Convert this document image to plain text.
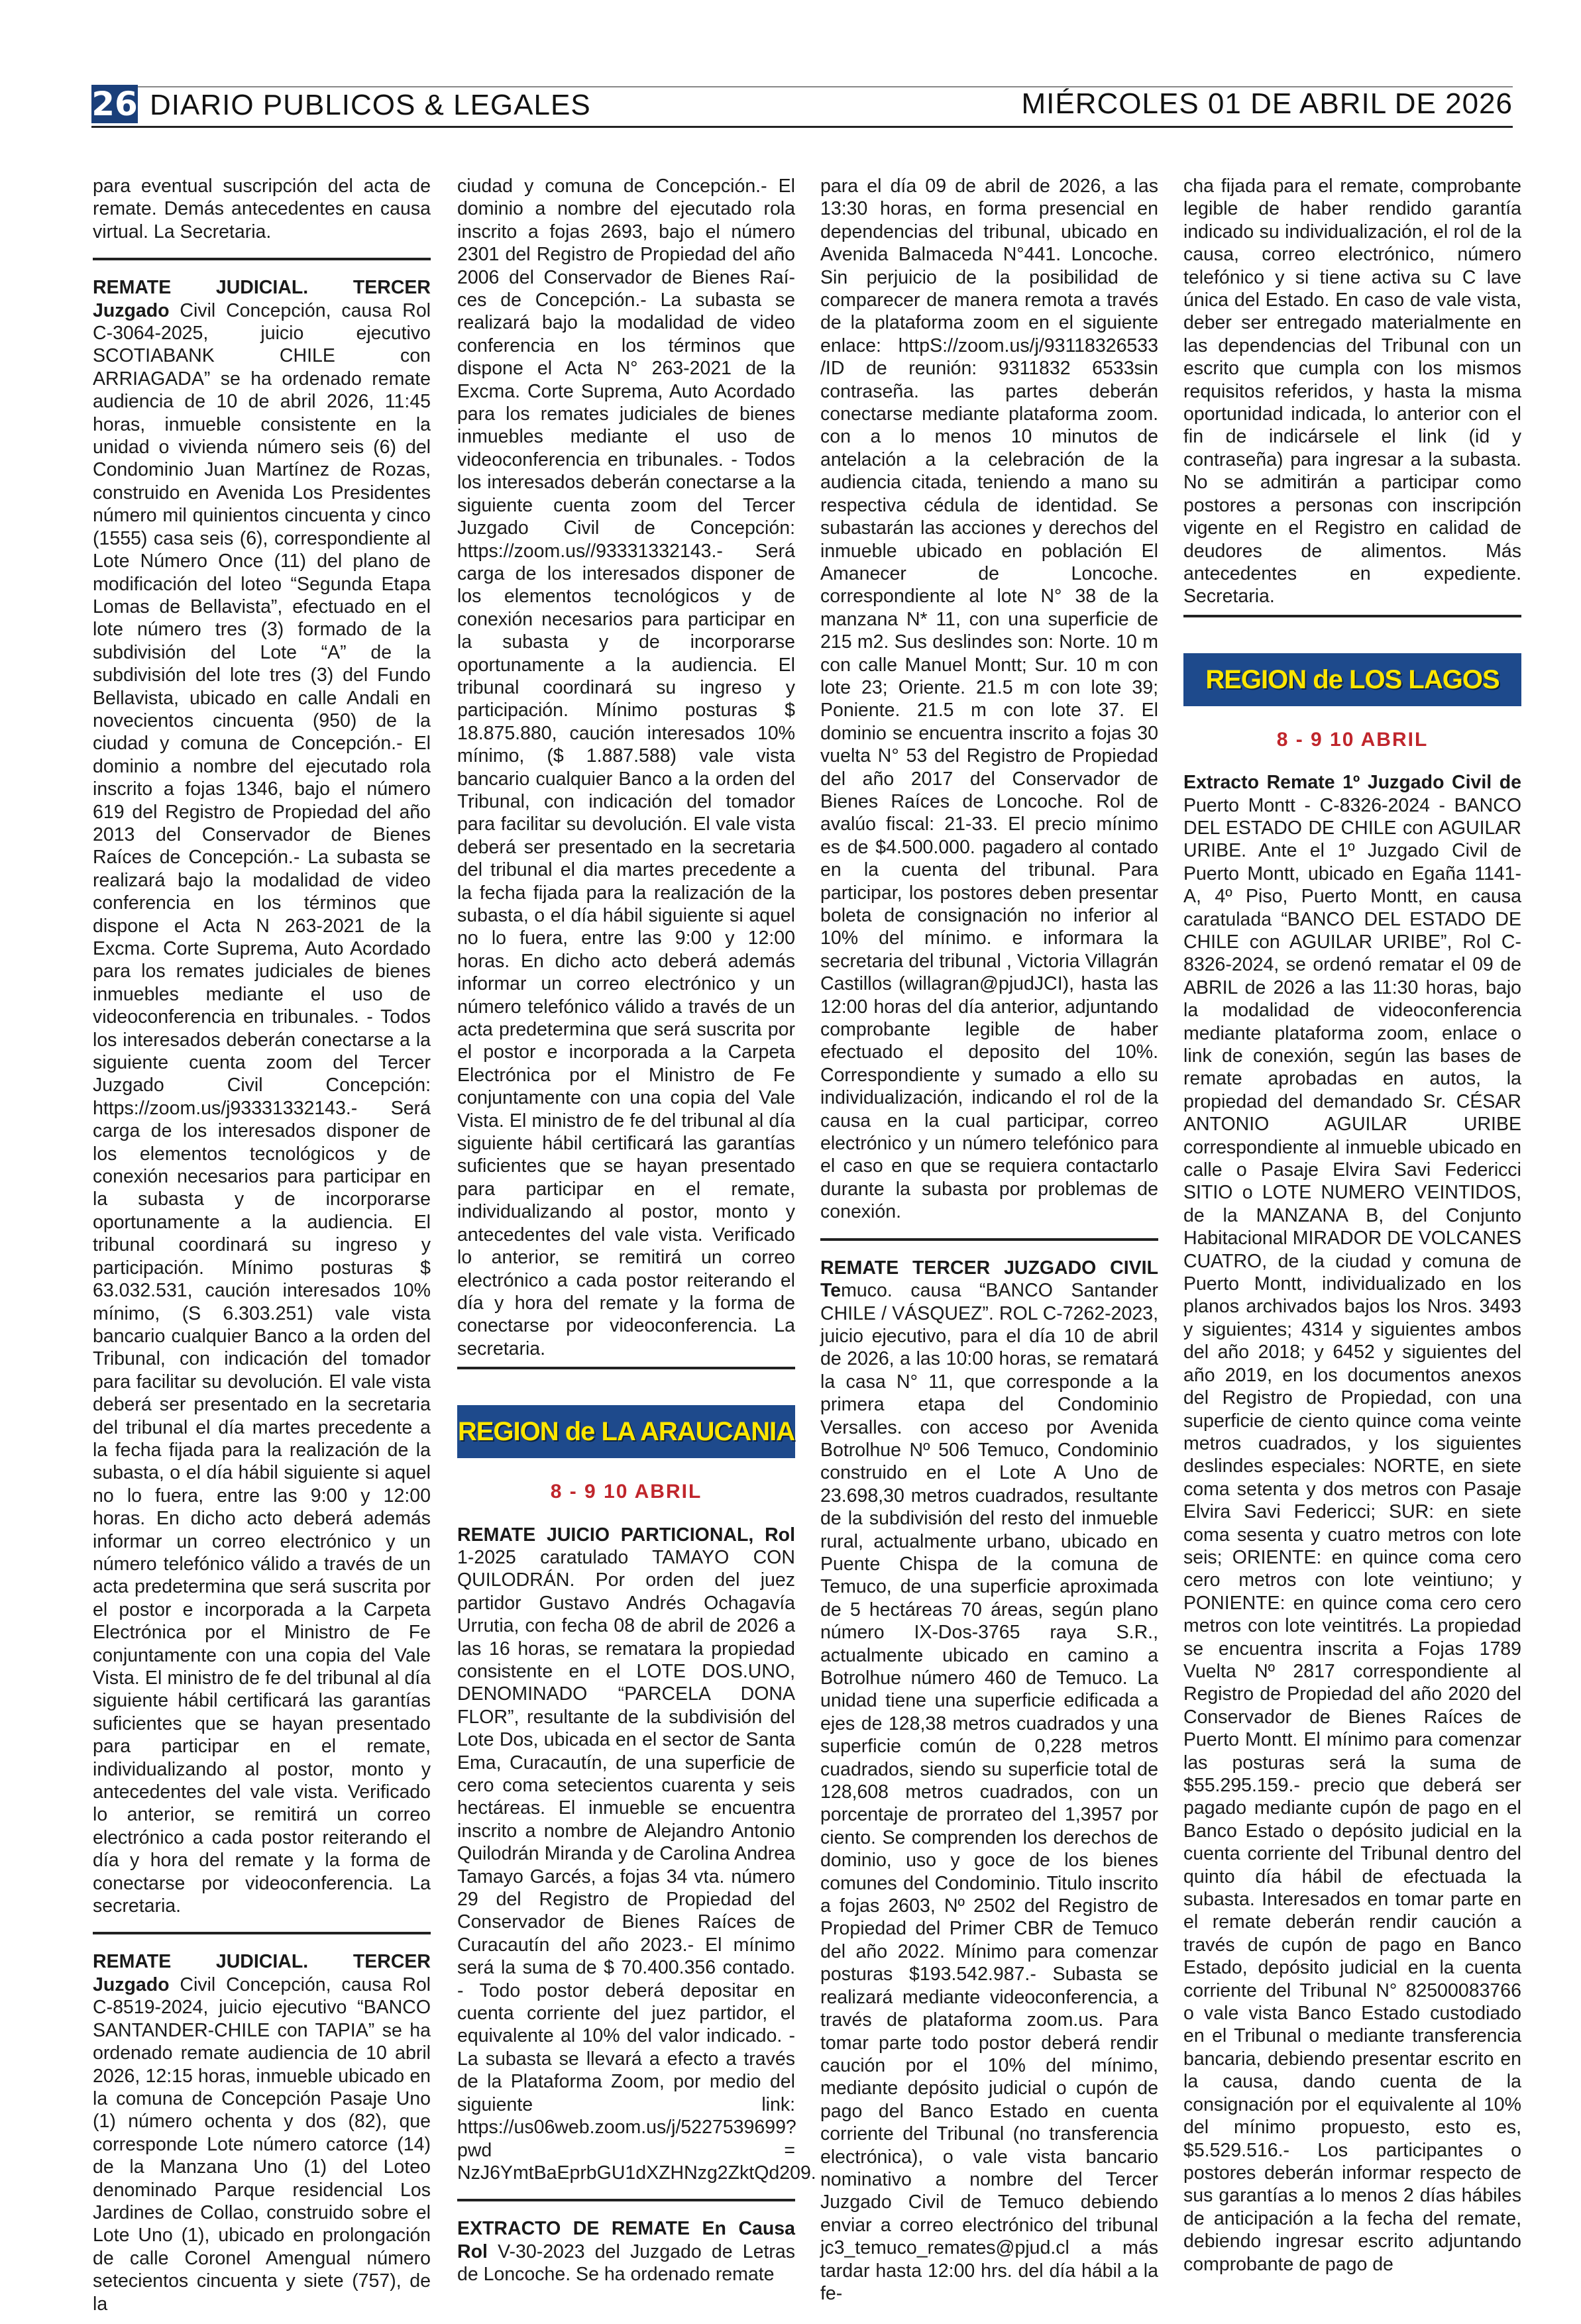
26 DIARIO PUBLICOS & LEGALES	MIÉRCOLES 01 DE ABRIL DE 2026

para eventual suscripción del acta de remate. Demás antecedentes en causa virtual. La Secretaria.

REMATE JUDICIAL. TERCER Juzgado Civil Concepción, causa Rol C-3064-2025, juicio ejecutivo SCOTIABANK CHILE con ARRIAGADA” se ha ordenado remate audiencia de 10 de abril 2026, 11:45 horas, inmueble consistente en la unidad o vivienda número seis (6) del Condominio Juan Martínez de Rozas, construido en Avenida Los Presidentes número mil quinientos cincuenta y cinco (1555) casa seis (6), correspondiente al Lote Número Once (11) del plano de modificación del loteo “Segunda Etapa Lomas de Bellavista”, efectuado en el lote número tres (3) formado de la subdivisión del Lote “A” de la subdivisión del lote tres (3) del Fundo Bellavista, ubicado en calle Andali en novecientos cincuenta (950) de la ciudad y comuna de Concepción.- El dominio a nombre del ejecutado rola inscrito a fojas 1346, bajo el número 619 del Registro de Propiedad del año 2013 del Conservador de Bienes Raíces de Concepción.- La subasta se realizará bajo la modalidad de video conferencia en los términos que dispone el Acta N 263-2021 de la Excma. Corte Suprema, Auto Acordado para los remates judiciales de bienes inmuebles mediante el uso de videoconferencia en tribunales. - Todos los interesados deberán conectarse a la siguiente cuenta zoom del Tercer Juzgado Civil Concepción: https://zoom.us/j93331332143.- Será carga de los interesados disponer de los elementos tecnológicos y de conexión necesarios para participar en la subasta y de incorporarse oportunamente a la audiencia. El tribunal coordinará su ingreso y participación. Mínimo posturas $ 63.032.531, caución interesados 10% mínimo, (S 6.303.251) vale vista bancario cualquier Banco a la orden del Tribunal, con indicación del tomador para facilitar su devolución. El vale vista deberá ser presentado en la secretaria del tribunal el día martes precedente a la fecha fijada para la realización de la subasta, o el día hábil siguiente si aquel no lo fuera, entre las 9:00 y 12:00 horas. En dicho acto deberá además informar un correo electrónico y un número telefónico válido a través de un acta predetermina que será suscrita por el postor e incorporada a la Carpeta Electrónica por el Ministro de Fe conjuntamente con una copia del Vale Vista. El ministro de fe del tribunal al día siguiente hábil certificará las garantías suficientes que se hayan presentado para participar en el remate, individualizando al postor, monto y antecedentes del vale vista. Verificado lo anterior, se remitirá un correo electrónico a cada postor reiterando el día y hora del remate y la forma de conectarse por videoconferencia. La secretaria.

REMATE JUDICIAL. TERCER Juzgado Civil Concepción, causa Rol C-8519-2024, juicio ejecutivo “BANCO SANTANDER-CHILE con TAPIA” se ha ordenado remate audiencia de 10 abril 2026, 12:15 horas, inmueble ubicado en la comuna de Concepción Pasaje Uno (1) número ochenta y dos (82), que corresponde Lote número catorce (14) de la Manzana Uno (1) del Loteo denominado Parque residencial Los Jardines de Collao, construido sobre el Lote Uno (1), ubicado en prolongación de calle Coronel Amengual número setecientos cincuenta y siete (757), de la

ciudad y comuna de Concepción.- El dominio a nombre del ejecutado rola inscrito a fojas 2693, bajo el número 2301 del Registro de Propiedad del año 2006 del Conservador de Bienes Raí-ces de Concepción.- La subasta se realizará bajo la modalidad de video conferencia en los términos que dispone el Acta N° 263-2021 de la Excma. Corte Suprema, Auto Acordado para los remates judiciales de bienes inmuebles mediante el uso de videoconferencia en tribunales. - Todos los interesados deberán conectarse a la siguiente cuenta zoom del Tercer Juzgado Civil de Concepción: https://zoom.us//93331332143.- Será carga de los interesados disponer de los elementos tecnológicos y de conexión necesarios para participar en la subasta y de incorporarse oportunamente a la audiencia. El tribunal coordinará su ingreso y participación. Mínimo posturas $ 18.875.880, caución interesados 10% mínimo, ($ 1.887.588) vale vista bancario cualquier Banco a la orden del Tribunal, con indicación del tomador para facilitar su devolución. El vale vista deberá ser presentado en la secretaria del tribunal el dia martes precedente a la fecha fijada para la realización de la subasta, o el día hábil siguiente si aquel no lo fuera, entre las 9:00 y 12:00 horas. En dicho acto deberá además informar un correo electrónico y un número telefónico válido a través de un acta predetermina que será suscrita por el postor e incorporada a la Carpeta Electrónica por el Ministro de Fe conjuntamente con una copia del Vale Vista. El ministro de fe del tribunal al día siguiente hábil certificará las garantías suficientes que se hayan presentado para participar en el remate, individualizando al postor, monto y antecedentes del vale vista. Verificado lo anterior, se remitirá un correo electrónico a cada postor reiterando el día y hora del remate y la forma de conectarse por videoconferencia. La secretaria.

REGION de LA ARAUCANIA
8 - 9 10 ABRIL

REMATE JUICIO PARTICIONAL, Rol 1-2025 caratulado TAMAYO CON QUILODRÁN. Por orden del juez partidor Gustavo Andrés Ochagavía Urrutia, con fecha 08 de abril de 2026 a las 16 horas, se rematara la propiedad consistente en el LOTE DOS.UNO, DENOMINADO “PARCELA DONA FLOR”, resultante de la subdivisión del Lote Dos, ubicada en el sector de Santa Ema, Curacautín, de una superficie de cero coma setecientos cuarenta y seis hectáreas. El inmueble se encuentra inscrito a nombre de Alejandro Antonio Quilodrán Miranda y de Carolina Andrea Tamayo Garcés, a fojas 34 vta. número 29 del Registro de Propiedad del Conservador de Bienes Raíces de Curacautín del año 2023.- El mínimo será la suma de $ 70.400.356 contado. - Todo postor deberá depositar en cuenta corriente del juez partidor, el equivalente al 10% del valor indicado. - La subasta se llevará a efecto a través de la Plataforma Zoom, por medio del siguiente link: https://us06web.zoom.us/j/5227539699? pwd = NzJ6YmtBaEprbGU1dXZHNzg2ZktQd209.

EXTRACTO DE REMATE En Causa Rol V-30-2023 del Juzgado de Letras de Loncoche. Se ha ordenado remate

para el día 09 de abril de 2026, a las 13:30 horas, en forma presencial en dependencias del tribunal, ubicado en Avenida Balmaceda N°441. Loncoche. Sin perjuicio de la posibilidad de comparecer de manera remota a través de la plataforma zoom en el siguiente enlace: httpS://zoom.us/j/93118326533 /ID de reunión: 9311832 6533sin contraseña. las partes deberán conectarse mediante plataforma zoom. con a lo menos 10 minutos de antelación a la celebración de la audiencia citada, teniendo a mano su respectiva cédula de identidad. Se subastarán las acciones y derechos del inmueble ubicado en población El Amanecer de Loncoche. correspondiente al lote N° 38 de la manzana N* 11, con una superficie de 215 m2. Sus deslindes son: Norte. 10 m con calle Manuel Montt; Sur. 10 m con lote 23; Oriente. 21.5 m con lote 39; Poniente. 21.5 m con lote 37. El dominio se encuentra inscrito a fojas 30 vuelta N° 53 del Registro de Propiedad del año 2017 del Conservador de Bienes Raíces de Loncoche. Rol de avalúo fiscal: 21-33. El precio mínimo es de $4.500.000. pagadero al contado en la cuenta del tribunal. Para participar, los postores deben presentar boleta de consignación no inferior al 10% del mínimo. e informara la secretaria del tribunal , Victoria Villagrán Castillos (willagran@pjudJCI), hasta las 12:00 horas del día anterior, adjuntando comprobante legible de haber efectuado el deposito del 10%. Correspondiente y sumado a ello su individualización, indicando el rol de la causa en la cual participar, correo electrónico y un número telefónico para el caso en que se requiera contactarlo durante la subasta por problemas de conexión.

REMATE TERCER JUZGADO CIVIL Temuco. causa “BANCO Santander CHILE / VÁSQUEZ”. ROL C-7262-2023, juicio ejecutivo, para el día 10 de abril de 2026, a las 10:00 horas, se rematará la casa N° 11, que corresponde a la primera etapa del Condominio Versalles. con acceso por Avenida Botrolhue Nº 506 Temuco, Condominio construido en el Lote A Uno de 23.698,30 metros cuadrados, resultante de la subdivisión del resto del inmueble rural, actualmente urbano, ubicado en Puente Chispa de la comuna de Temuco, de una superficie aproximada de 5 hectáreas 70 áreas, según plano número IX-Dos-3765 raya S.R., actualmente ubicado en camino a Botrolhue número 460 de Temuco. La unidad tiene una superficie edificada a ejes de 128,38 metros cuadrados y una superficie común de 0,228 metros cuadrados, siendo su superficie total de 128,608 metros cuadrados, con un porcentaje de prorrateo del 1,3957 por ciento. Se comprenden los derechos de dominio, uso y goce de los bienes comunes del Condominio. Titulo inscrito a fojas 2603, Nº 2502 del Registro de Propiedad del Primer CBR de Temuco del año 2022. Mínimo para comenzar posturas $193.542.987.- Subasta se realizará mediante videoconferencia, a través de plataforma zoom.us. Para tomar parte todo postor deberá rendir caución por el 10% del mínimo, mediante depósito judicial o cupón de pago del Banco Estado en cuenta corriente del Tribunal (no transferencia electrónica), o vale vista bancario nominativo a nombre del Tercer Juzgado Civil de Temuco debiendo enviar a correo electrónico del tribunal jc3_temuco_remates@pjud.cl a más tardar hasta 12:00 hrs. del día hábil a la fe-

cha fijada para el remate, comprobante legible de haber rendido garantía indicado su individualización, el rol de la causa, correo electrónico, número telefónico y si tiene activa su C lave única del Estado. En caso de vale vista, deber ser entregado materialmente en las dependencias del Tribunal con un escrito que cumpla con los mismos requisitos referidos, y hasta la misma oportunidad indicada, lo anterior con el fin de indicársele el link (id y contraseña) para ingresar a la subasta. No se admitirán a participar como postores a personas con inscripción vigente en el Registro en calidad de deudores de alimentos. Más antecedentes en expediente. Secretaria.

REGION de LOS LAGOS
8 - 9 10 ABRIL

Extracto Remate 1º Juzgado Civil de Puerto Montt - C-8326-2024 - BANCO DEL ESTADO DE CHILE con AGUILAR URIBE. Ante el 1º Juzgado Civil de Puerto Montt, ubicado en Egaña 1141-A, 4º Piso, Puerto Montt, en causa caratulada “BANCO DEL ESTADO DE CHILE con AGUILAR URIBE”, Rol C-8326-2024, se ordenó rematar el 09 de ABRIL de 2026 a las 11:30 horas, bajo la modalidad de videoconferencia mediante plataforma zoom, enlace o link de conexión, según las bases de remate aprobadas en autos, la propiedad del demandado Sr. CÉSAR ANTONIO AGUILAR URIBE correspondiente al inmueble ubicado en calle o Pasaje Elvira Savi Federicci SITIO o LOTE NUMERO VEINTIDOS, de la MANZANA B, del Conjunto Habitacional MIRADOR DE VOLCANES CUATRO, de la ciudad y comuna de Puerto Montt, individualizado en los planos archivados bajos los Nros. 3493 y siguientes; 4314 y siguientes ambos del año 2018; y 6452 y siguientes del año 2019, en los documentos anexos del Registro de Propiedad, con una superficie de ciento quince coma veinte metros cuadrados, y los siguientes deslindes especiales: NORTE, en siete coma setenta y dos metros con Pasaje Elvira Savi Federicci; SUR: en siete coma sesenta y cuatro metros con lote seis; ORIENTE: en quince coma cero cero metros con lote veintiuno; y PONIENTE: en quince coma cero cero metros con lote veintitrés. La propiedad se encuentra inscrita a Fojas 1789 Vuelta Nº 2817 correspondiente al Registro de Propiedad del año 2020 del Conservador de Bienes Raíces de Puerto Montt. El mínimo para comenzar las posturas será la suma de $55.295.159.- precio que deberá ser pagado mediante cupón de pago en el Banco Estado o depósito judicial en la cuenta corriente del Tribunal dentro del quinto día hábil de efectuada la subasta. Interesados en tomar parte en el remate deberán rendir caución a través de cupón de pago en Banco Estado, depósito judicial en la cuenta corriente del Tribunal N° 82500083766 o vale vista Banco Estado custodiado en el Tribunal o mediante transferencia bancaria, debiendo presentar escrito en la causa, dando cuenta de la consignación por el equivalente al 10% del mínimo propuesto, esto es, $5.529.516.- Los participantes o postores deberán informar respecto de sus garantías a lo menos 2 días hábiles de anticipación a la fecha del remate, debiendo ingresar escrito adjuntando comprobante de pago de
